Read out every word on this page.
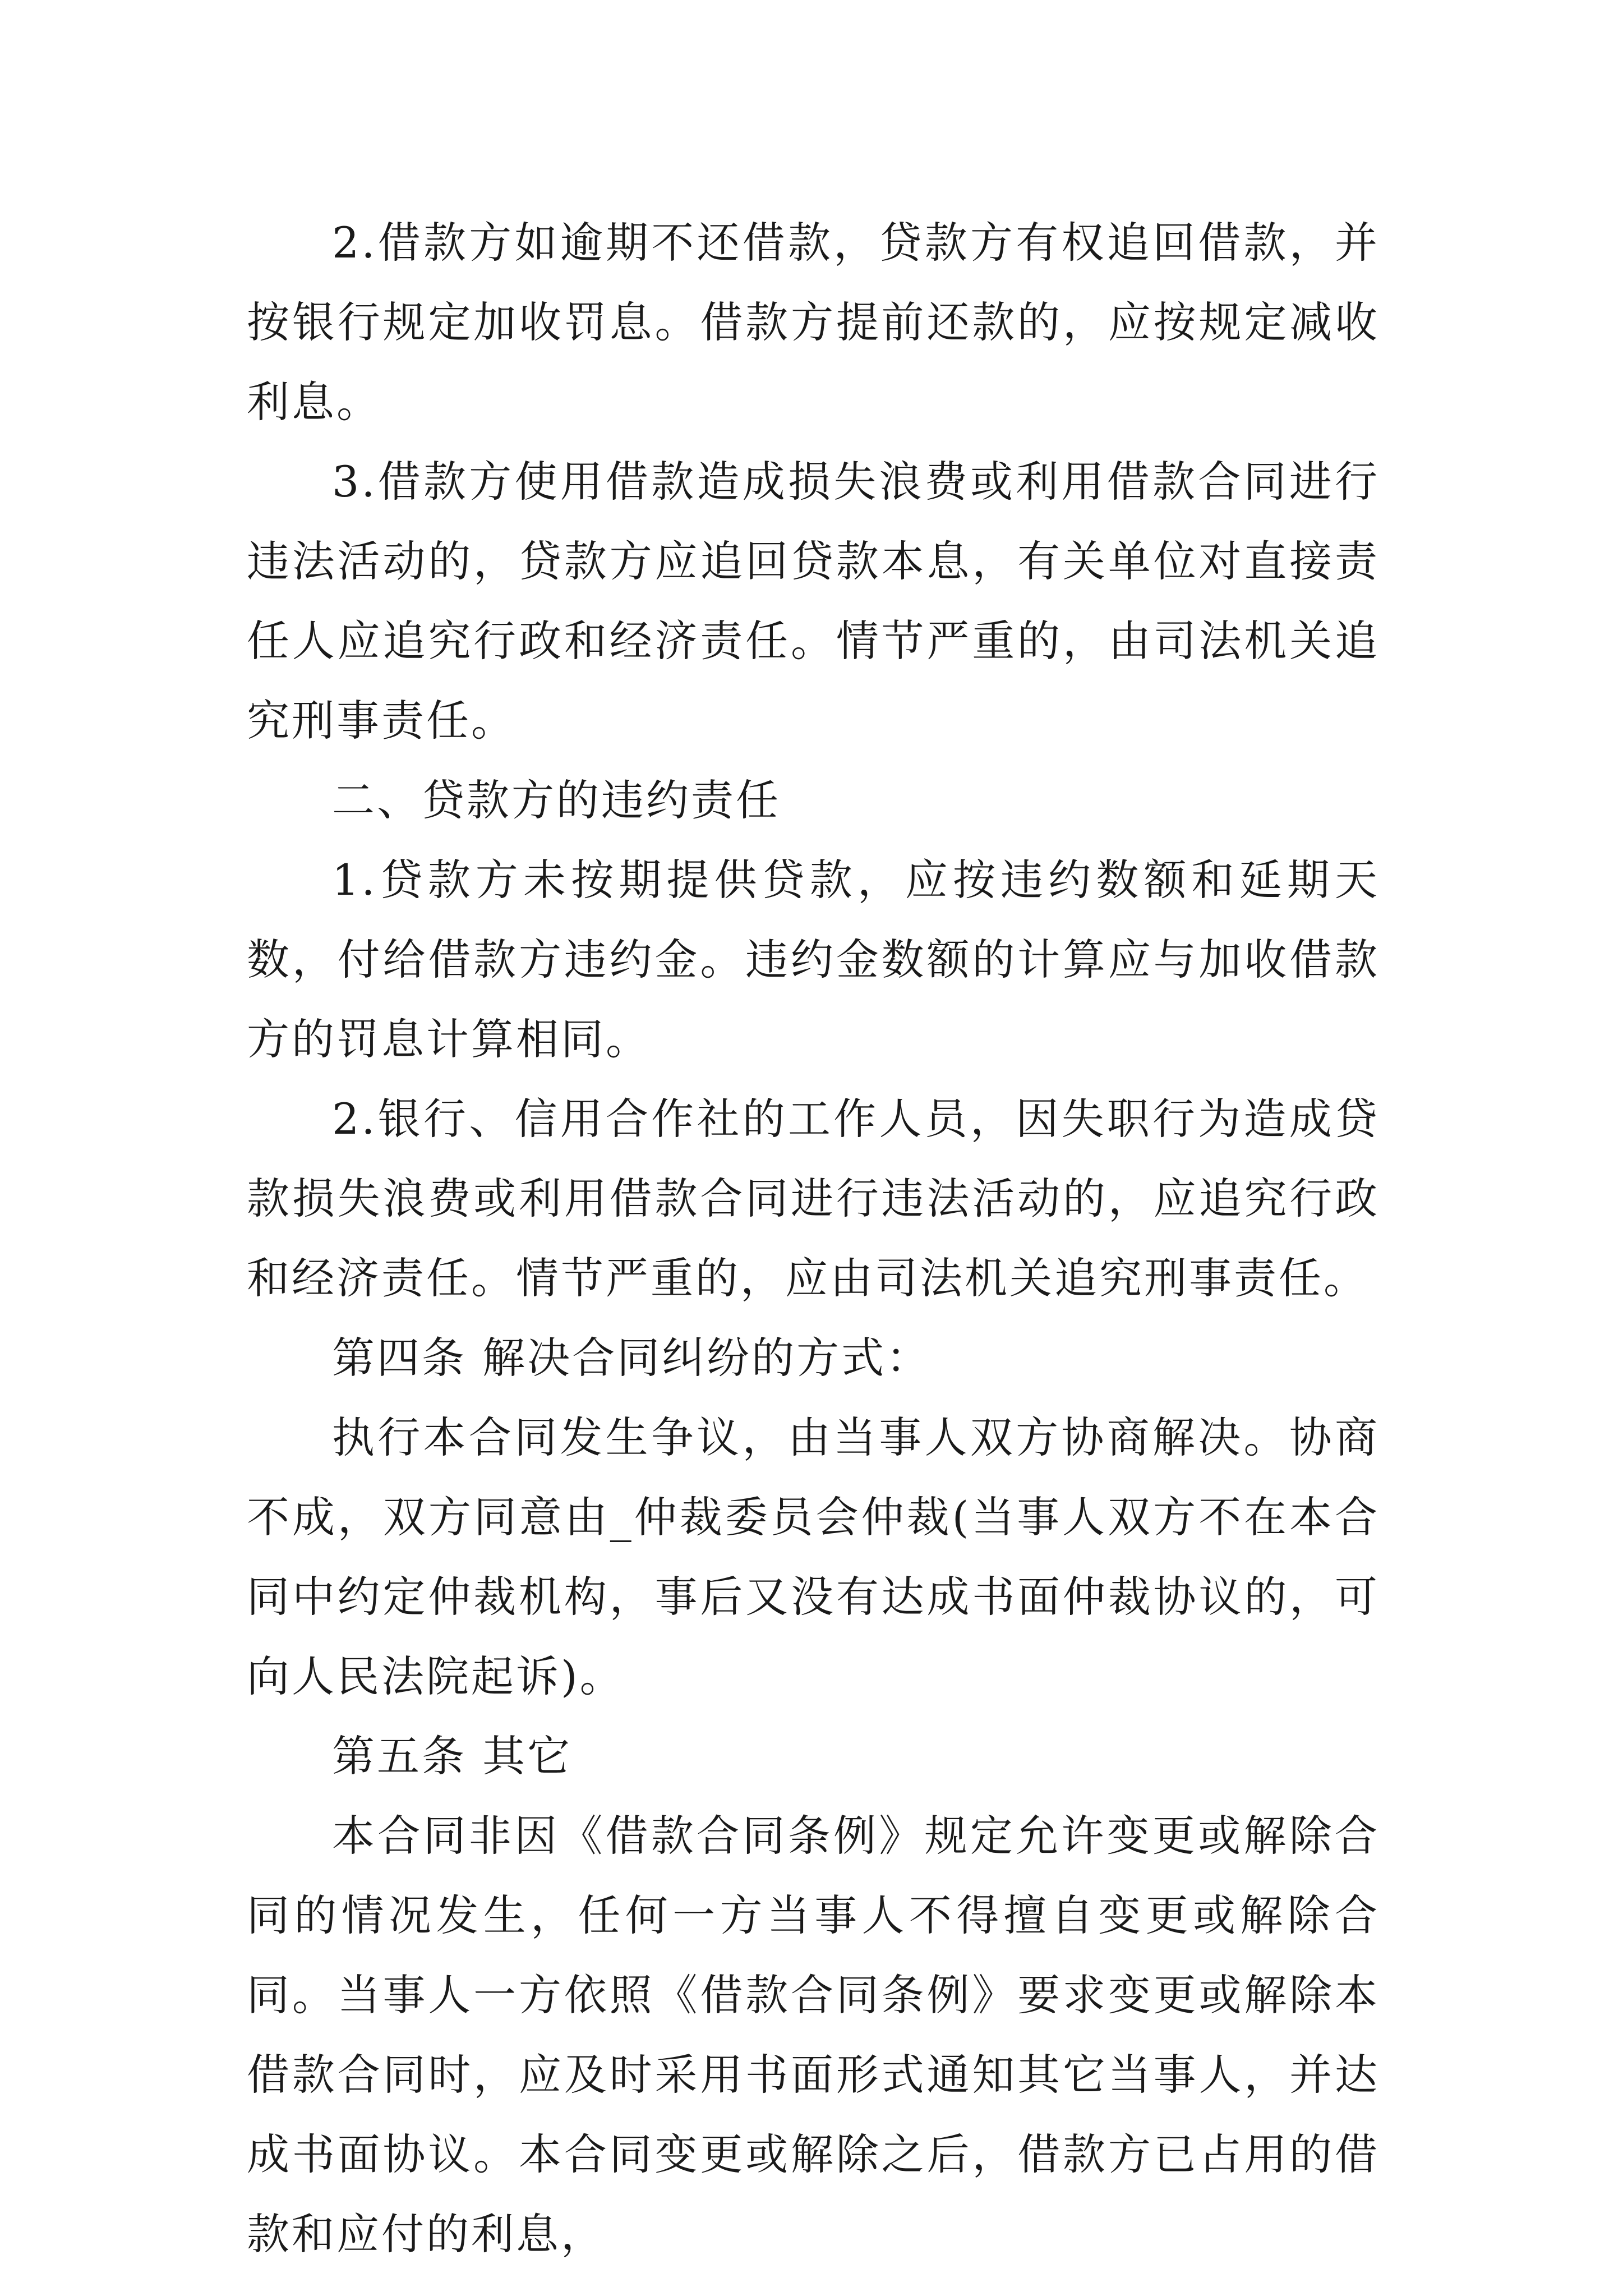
2.借款方如逾期不还借款，贷款方有权追回借款，并按银行规定加收罚息。借款方提前还款的，应按规定减收利息。

3.借款方使用借款造成损失浪费或利用借款合同进行违法活动的，贷款方应追回贷款本息，有关单位对直接责任人应追究行政和经济责任。情节严重的，由司法机关追究刑事责任。

二、贷款方的违约责任

1.贷款方未按期提供贷款，应按违约数额和延期天数，付给借款方违约金。违约金数额的计算应与加收借款方的罚息计算相同。

2.银行、信用合作社的工作人员，因失职行为造成贷款损失浪费或利用借款合同进行违法活动的，应追究行政和经济责任。情节严重的，应由司法机关追究刑事责任。

第四条 解决合同纠纷的方式：

执行本合同发生争议，由当事人双方协商解决。协商不成，双方同意由_仲裁委员会仲裁(当事人双方不在本合同中约定仲裁机构，事后又没有达成书面仲裁协议的，可向人民法院起诉)。

第五条 其它

本合同非因《借款合同条例》规定允许变更或解除合同的情况发生，任何一方当事人不得擅自变更或解除合同。当事人一方依照《借款合同条例》要求变更或解除本借款合同时，应及时采用书面形式通知其它当事人，并达成书面协议。本合同变更或解除之后，借款方已占用的借款和应付的利息，
